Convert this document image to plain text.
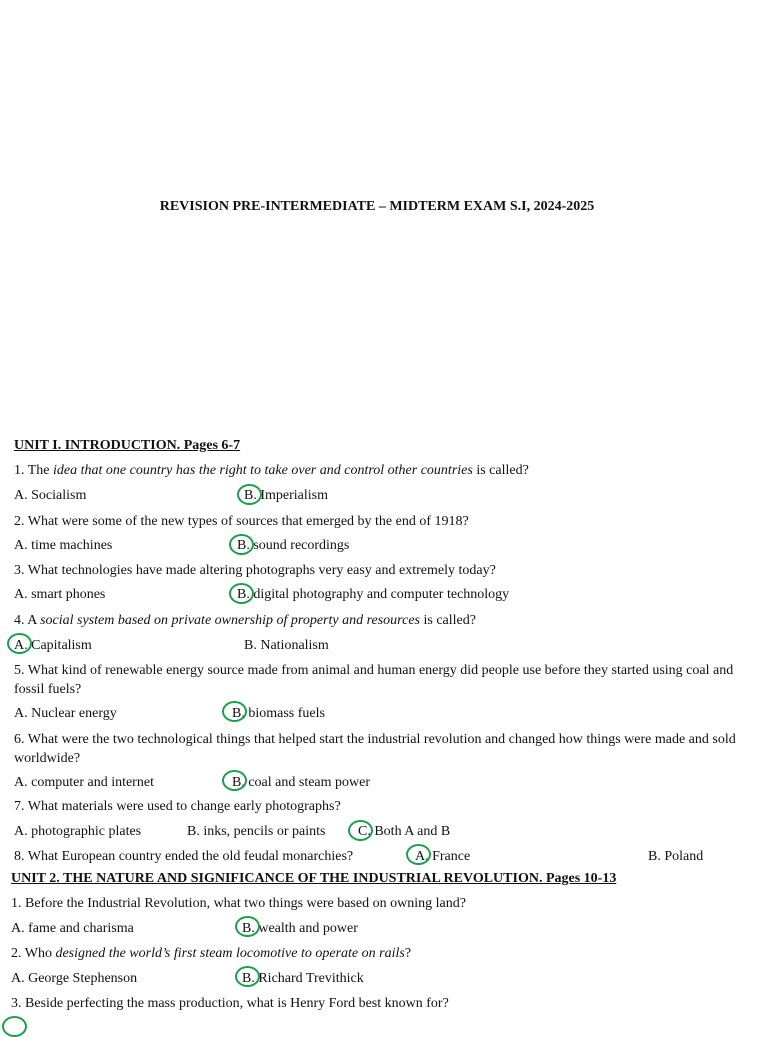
REVISION PRE-INTERMEDIATE – MIDTERM EXAM S.I, 2024-2025
UNIT I. INTRODUCTION. Pages 6-7
1. The idea that one country has the right to take over and control other countries is called?
A. Socialism	B. Imperialism
2. What were some of the new types of sources that emerged by the end of 1918?
A. time machines	B. sound recordings
3. What technologies have made altering photographs very easy and extremely today?
A. smart phones	B. digital photography and computer technology
4. A social system based on private ownership of property and resources is called?
A. Capitalism	B. Nationalism
5. What kind of renewable energy source made from animal and human energy did people use before they started using coal and fossil fuels?
A. Nuclear energy	B. biomass fuels
6. What were the two technological things that helped start the industrial revolution and changed how things were made and sold worldwide?
A. computer and internet	B. coal and steam power
7. What materials were used to change early photographs?
A. photographic plates	B. inks, pencils or paints C. Both A and B
8. What European country ended the old feudal monarchies?	A. France	B. Poland
UNIT 2. THE NATURE AND SIGNIFICANCE OF THE INDUSTRIAL REVOLUTION. Pages 10-13
1. Before the Industrial Revolution, what two things were based on owning land?
A. fame and charisma	B. wealth and power
2. Who designed the world’s first steam locomotive to operate on rails?
A. George Stephenson	B. Richard Trevithick
3. Beside perfecting the mass production, what is Henry Ford best known for?
